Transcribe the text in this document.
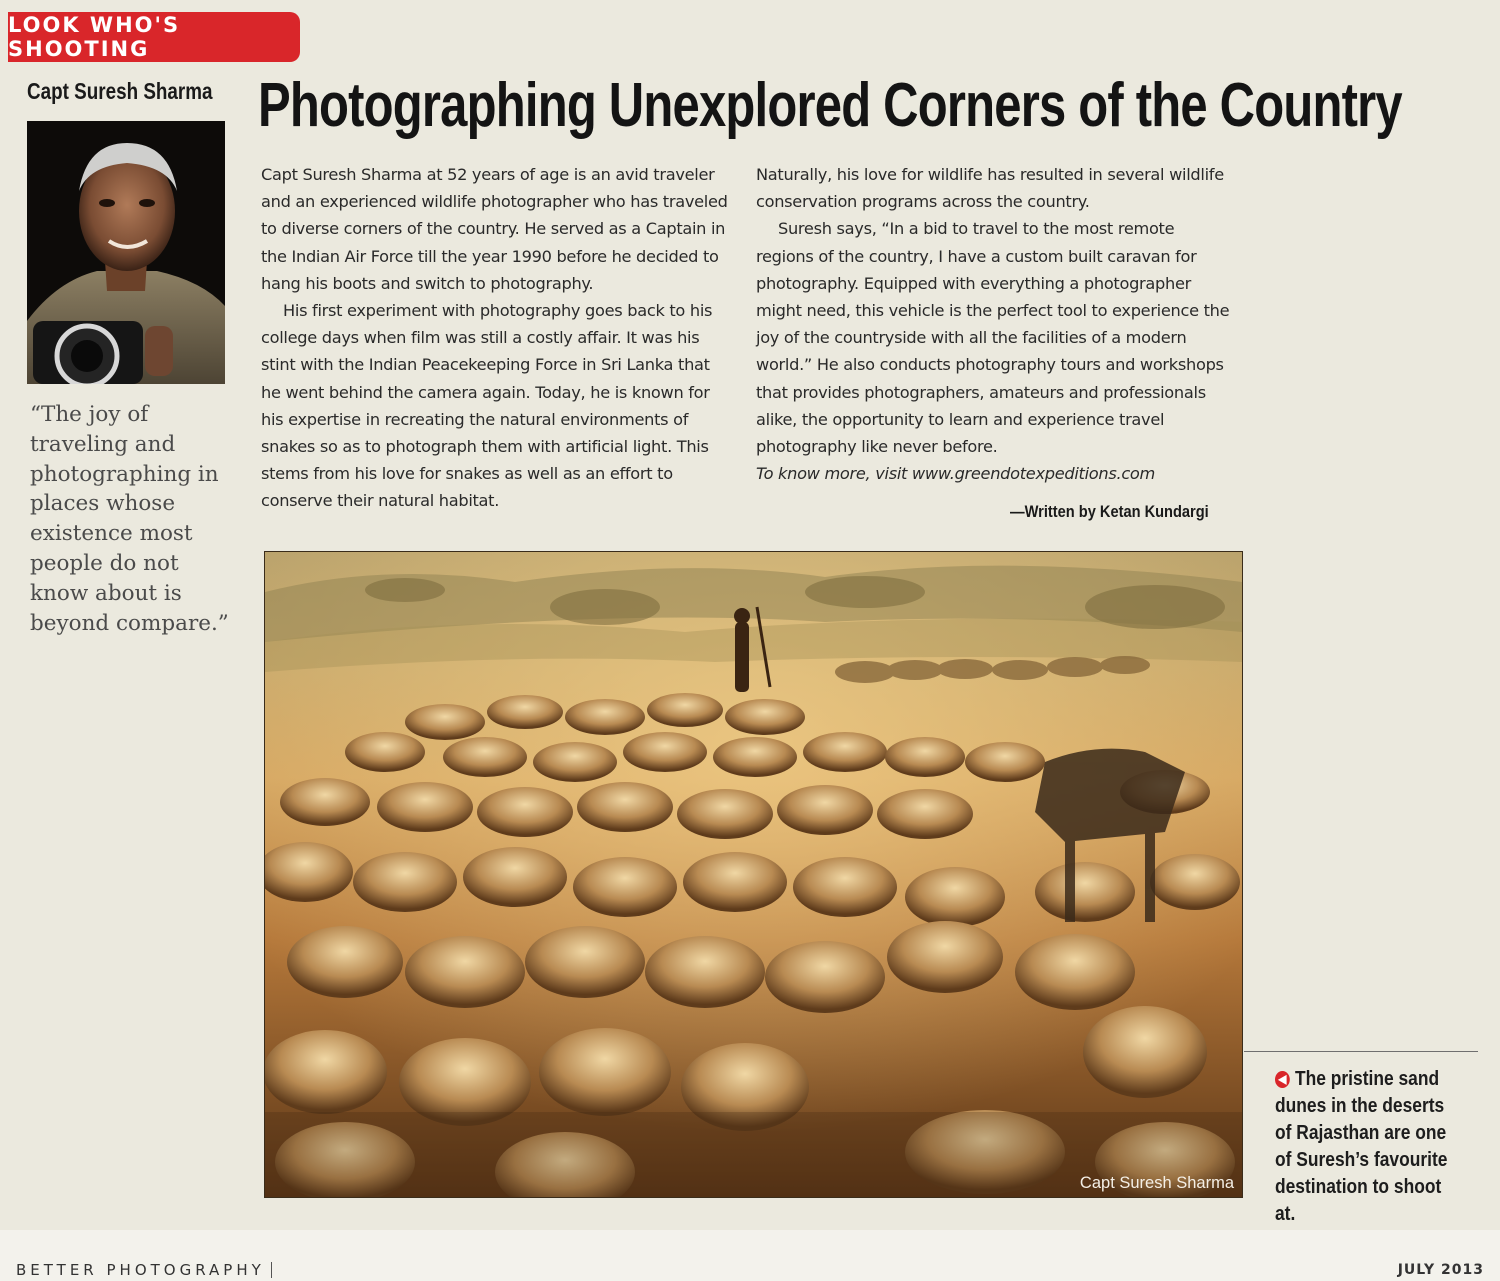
LOOK WHO'S SHOOTING
Capt Suresh Sharma Photographing Unexplored Corners of the Country
“The joy of traveling and photographing in places whose existence most people do not know about is beyond compare.”

Capt Suresh Sharma at 52 years of age is an avid traveler and an experienced wildlife photographer who has traveled to diverse corners of the country. He served as a Captain in the Indian Air Force till the year 1990 before he decided to hang his boots and switch to photography.

His first experiment with photography goes back to his college days when film was still a costly affair. It was his stint with the Indian Peacekeeping Force in Sri Lanka that he went behind the camera again. Today, he is known for his expertise in recreating the natural environments of snakes so as to photograph them with artificial light. This stems from his love for snakes as well as an effort to conserve their natural habitat.

Naturally, his love for wildlife has resulted in several wildlife conservation programs across the country.

Suresh says, “In a bid to travel to the most remote regions of the country, I have a custom built caravan for photography. Equipped with everything a photographer might need, this vehicle is the perfect tool to experience the joy of the countryside with all the facilities of a modern world.” He also conducts photography tours and workshops that provides photographers, amateurs and professionals alike, the opportunity to learn and experience travel photography like never before.

To know more, visit www.greendotexpeditions.com

—Written by Ketan Kundargi
Capt Suresh Sharma
◀ The pristine sand dunes in the deserts of Rajasthan are one of Suresh’s favourite destination to shoot at.
BETTER PHOTOGRAPHY	JULY 2013
